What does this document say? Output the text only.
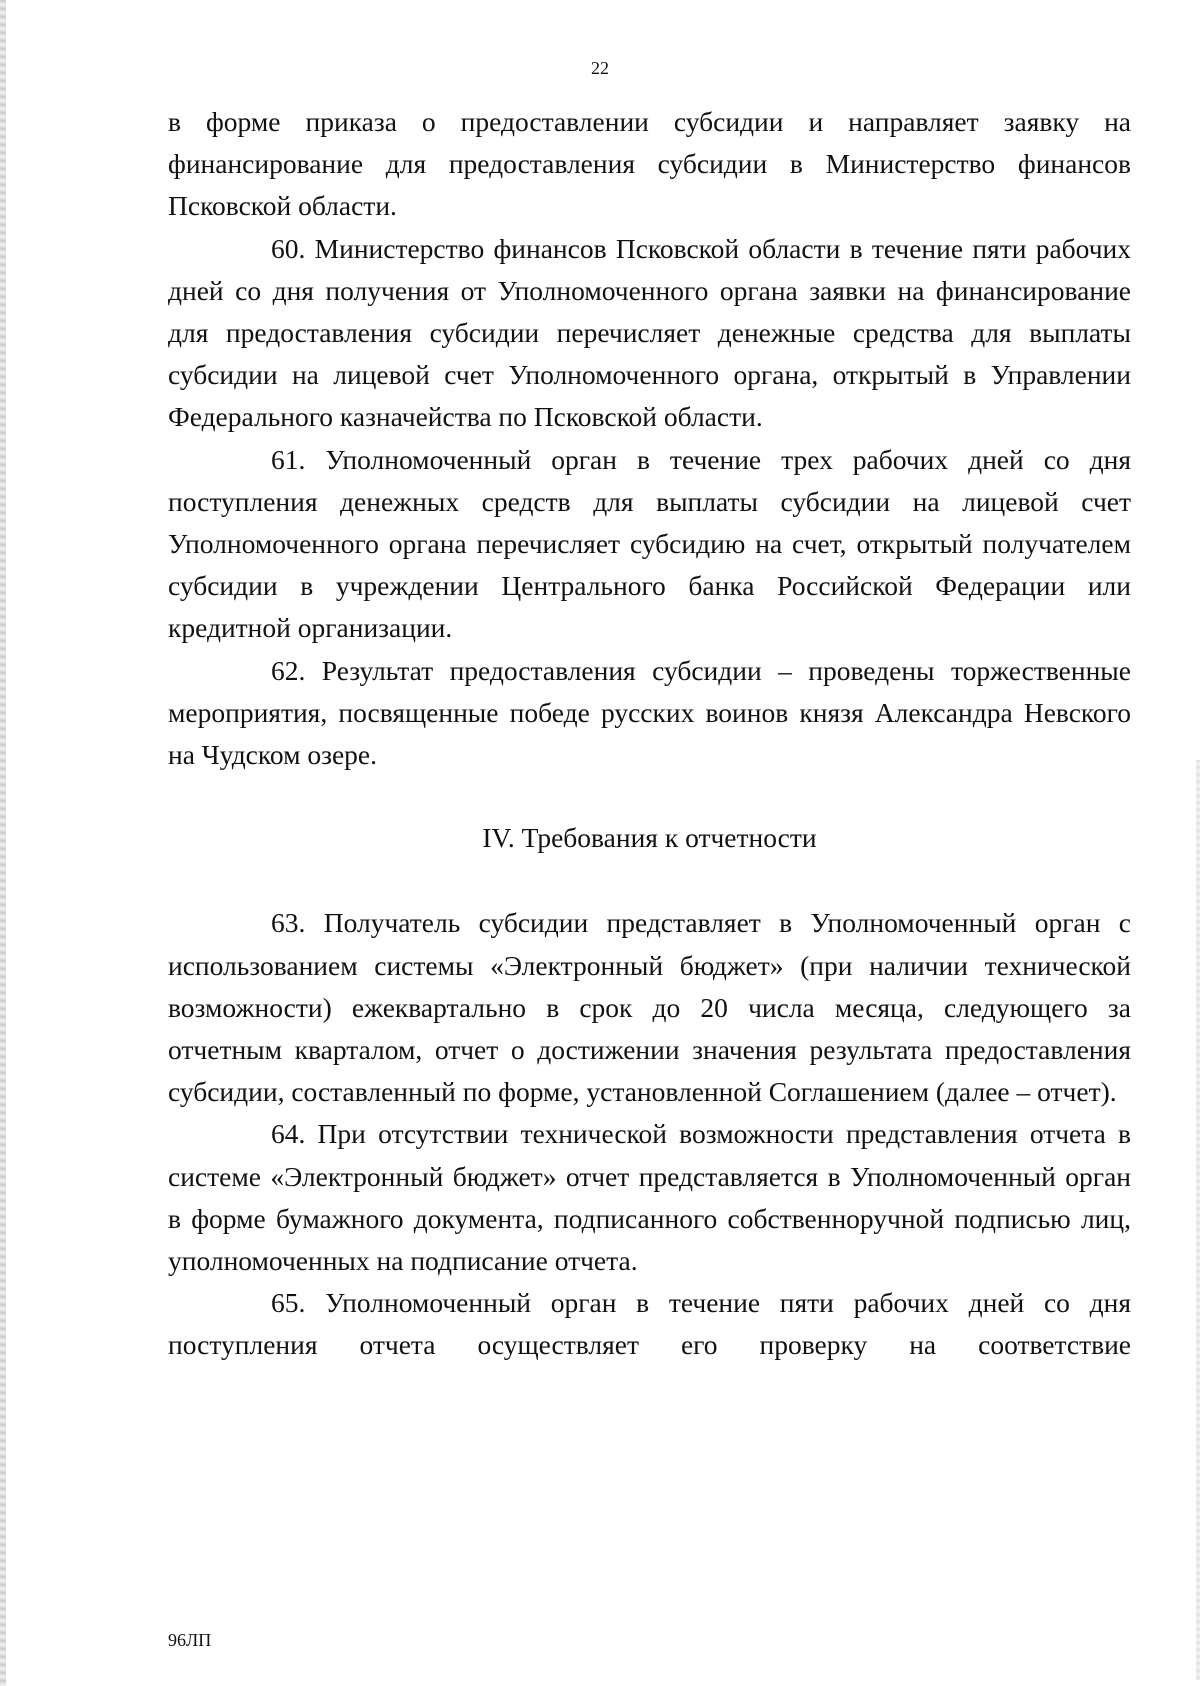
22

в форме приказа о предоставлении субсидии и направляет заявку на финансирование для предоставления субсидии в Министерство финансов Псковской области.

60. Министерство финансов Псковской области в течение пяти рабочих дней со дня получения от Уполномоченного органа заявки на финансирование для предоставления субсидии перечисляет денежные средства для выплаты субсидии на лицевой счет Уполномоченного органа, открытый в Управлении Федерального казначейства по Псковской области.

61. Уполномоченный орган в течение трех рабочих дней со дня поступления денежных средств для выплаты субсидии на лицевой счет Уполномоченного органа перечисляет субсидию на счет, открытый получателем субсидии в учреждении Центрального банка Российской Федерации или кредитной организации.

62. Результат предоставления субсидии – проведены торжественные мероприятия, посвященные победе русских воинов князя Александра Невского на Чудском озере.

IV. Требования к отчетности

63. Получатель субсидии представляет в Уполномоченный орган с использованием системы «Электронный бюджет» (при наличии технической возможности) ежеквартально в срок до 20 числа месяца, следующего за отчетным кварталом, отчет о достижении значения результата предоставления субсидии, составленный по форме, установленной Соглашением (далее – отчет).

64. При отсутствии технической возможности представления отчета в системе «Электронный бюджет» отчет представляется в Уполномоченный орган в форме бумажного документа, подписанного собственноручной подписью лиц, уполномоченных на подписание отчета.

65. Уполномоченный орган в течение пяти рабочих дней со дня поступления отчета осуществляет его проверку на соответствие

96ЛП
